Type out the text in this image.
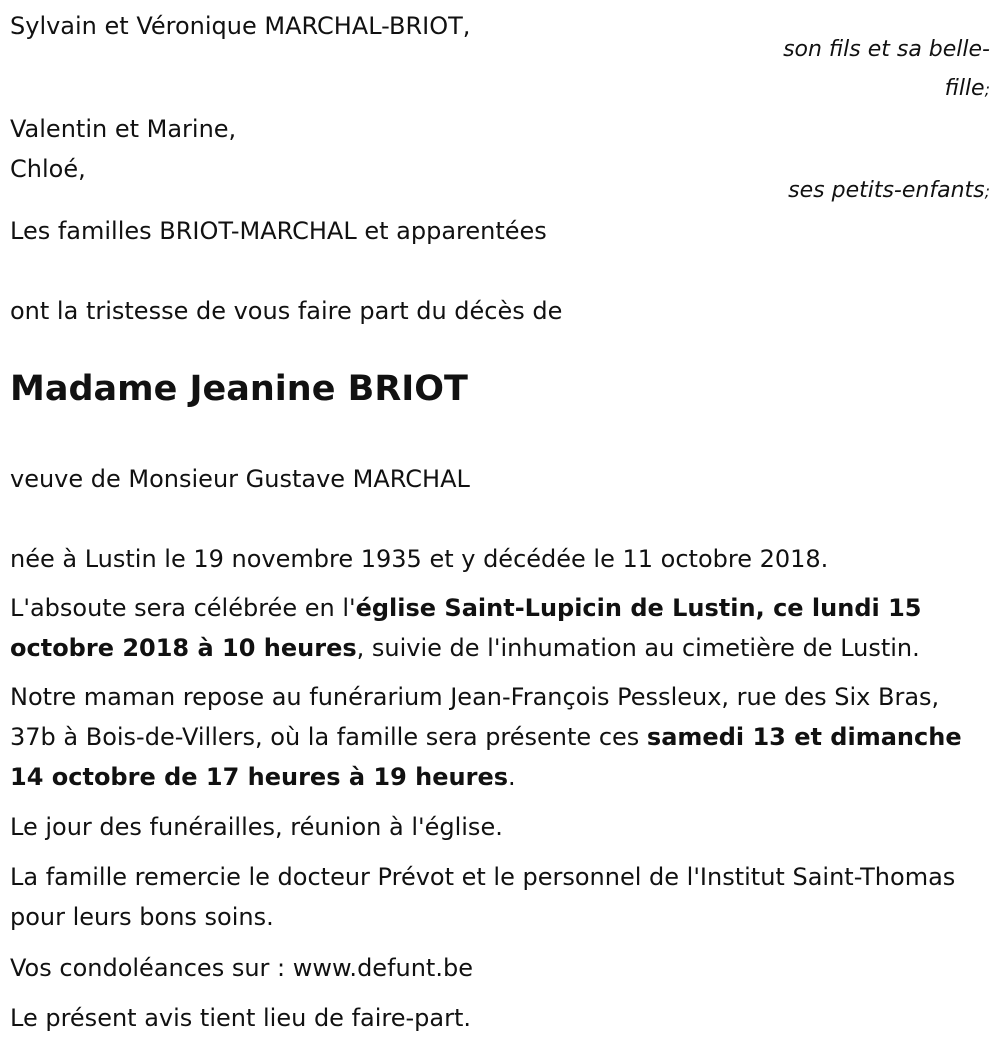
Sylvain et Véronique MARCHAL-BRIOT,
son fils et sa belle-
fille;
Valentin et Marine,
Chloé,
ses petits-enfants;
Les familles BRIOT-MARCHAL et apparentées
ont la tristesse de vous faire part du décès de
Madame Jeanine BRIOT
veuve de Monsieur Gustave MARCHAL
née à Lustin le 19 novembre 1935 et y décédée le 11 octobre 2018.
L'absoute sera célébrée en l'église Saint-Lupicin de Lustin, ce lundi 15 octobre 2018 à 10 heures, suivie de l'inhumation au cimetière de Lustin.
Notre maman repose au funérarium Jean-François Pessleux, rue des Six Bras, 37b à Bois-de-Villers, où la famille sera présente ces samedi 13 et dimanche 14 octobre de 17 heures à 19 heures.
Le jour des funérailles, réunion à l'église.
La famille remercie le docteur Prévot et le personnel de l'Institut Saint-Thomas pour leurs bons soins.
Vos condoléances sur : www.defunt.be
Le présent avis tient lieu de faire-part.
